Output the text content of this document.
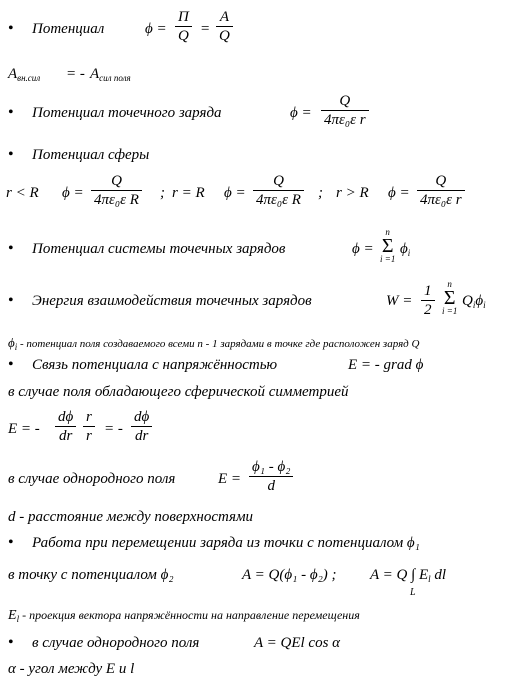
• Потенциал	ϕ =
П
$Q = \frac{A}{Q}$
$A_{вн.сил}$ = - $A_{сил поля}$
• Потенциал точечного заряда	$\phi = \frac{Q}{\text{4πε₀ε r}}$
• Потенциал сферы
r < R $\phi = \frac{Q}{\text{4πε₀ε R}}$ ; r = R $\phi = \frac{Q}{\text{4πε₀ε R}}$ ; r > R $\phi = \frac{Q}{\text{4πε₀ε r}}$
• Потенциал системы точечных зарядов	ϕ =
n
Σ
i =1
$\phi_i$
• Энергия взаимодействия точечных зарядов	$W = \frac{1}{2}$	n
Σ
i =1
$Q_i\phi_i$
$\phi_i$ - потенциал поля создаваемого всеми n - 1 зарядами в точке где расположен заряд Q
• Связь потенциала с напряжённостью	E = - grad ϕ
в случае поля обладающего сферической симметрией
E = - $\frac{d\phi}{dr} \frac{r}{r}$ = - $\frac{d\phi}{dr}$
в случае однородного поля	$E = \frac{\text{ϕ₁ - ϕ₂}}{d}$
d - расстояние между поверхностями
• Работа при перемещении заряда из точки с потенциалом ϕ₁
в точку с потенциалом ϕ₂	A = Q(ϕ₁ - ϕ₂) ; A = Q ∫ $E_l$ dl
L
$E_l$ - проекция вектора напряжённости на направление перемещения
• в случае однородного поля	A = QEl cos α
α - угол между E и l
